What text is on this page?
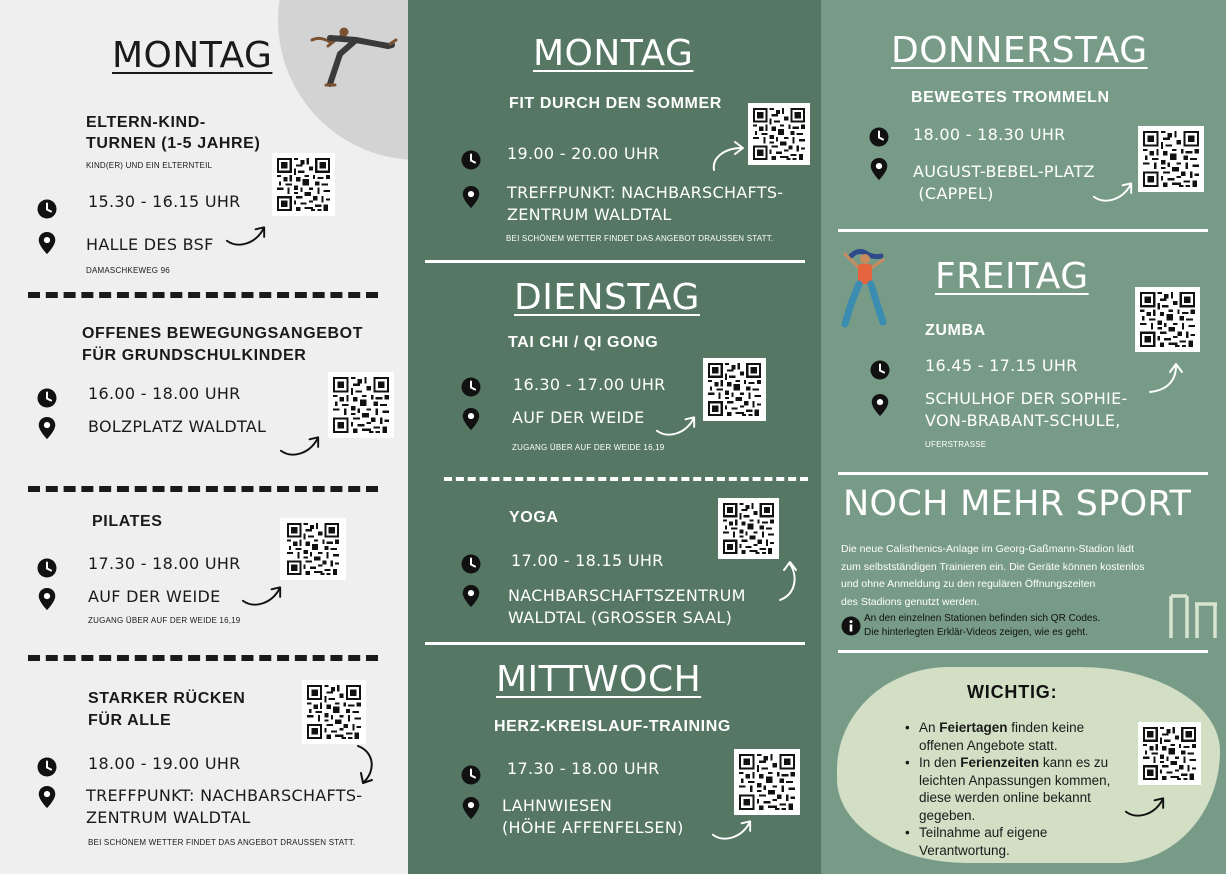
MONTAG
ELTERN-KIND-
TURNEN (1-5 JAHRE)
KIND(ER) UND EIN ELTERNTEIL
15.30 - 16.15 UHR
HALLE DES BSF
DAMASCHKEWEG 96
OFFENES BEWEGUNGSANGEBOT
FÜR GRUNDSCHULKINDER
16.00 - 18.00 UHR
BOLZPLATZ WALDTAL
PILATES
17.30 - 18.00 UHR
AUF DER WEIDE
ZUGANG ÜBER AUF DER WEIDE 16,19
STARKER RÜCKEN
FÜR ALLE
18.00 - 19.00 UHR
TREFFPUNKT: NACHBARSCHAFTS-
ZENTRUM WALDTAL
BEI SCHÖNEM WETTER FINDET DAS ANGEBOT DRAUSSEN STATT.
MONTAG
FIT DURCH DEN SOMMER
19.00 - 20.00 UHR
TREFFPUNKT: NACHBARSCHAFTS-
ZENTRUM WALDTAL
BEI SCHÖNEM WETTER FINDET DAS ANGEBOT DRAUSSEN STATT.
DIENSTAG
TAI CHI / QI GONG
16.30 - 17.00 UHR
AUF DER WEIDE
ZUGANG ÜBER AUF DER WEIDE 16,19
YOGA
17.00 - 18.15 UHR
NACHBARSCHAFTSZENTRUM
WALDTAL (GROSSER SAAL)
MITTWOCH
HERZ-KREISLAUF-TRAINING
17.30 - 18.00 UHR
LAHNWIESEN
(HÖHE AFFENFELSEN)
DONNERSTAG
BEWEGTES TROMMELN
18.00 - 18.30 UHR
AUGUST-BEBEL-PLATZ
(CAPPEL)
FREITAG
ZUMBA
16.45 - 17.15 UHR
SCHULHOF DER SOPHIE-
VON-BRABANT-SCHULE,
UFERSTRASSE
NOCH MEHR SPORT
Die neue Calisthenics-Anlage im Georg-Gaßmann-Stadion lädt
zum selbstständigen Trainieren ein. Die Geräte können kostenlos
und ohne Anmeldung zu den regulären Öffnungszeiten
des Stadions genutzt werden.
An den einzelnen Stationen befinden sich QR Codes.
Die hinterlegten Erklär-Videos zeigen, wie es geht.
WICHTIG:
• An Feiertagen finden keine
offenen Angebote statt.
• In den Ferienzeiten kann es zu
leichten Anpassungen kommen,
diese werden online bekannt
gegeben.
• Teilnahme auf eigene Verantwortung.
